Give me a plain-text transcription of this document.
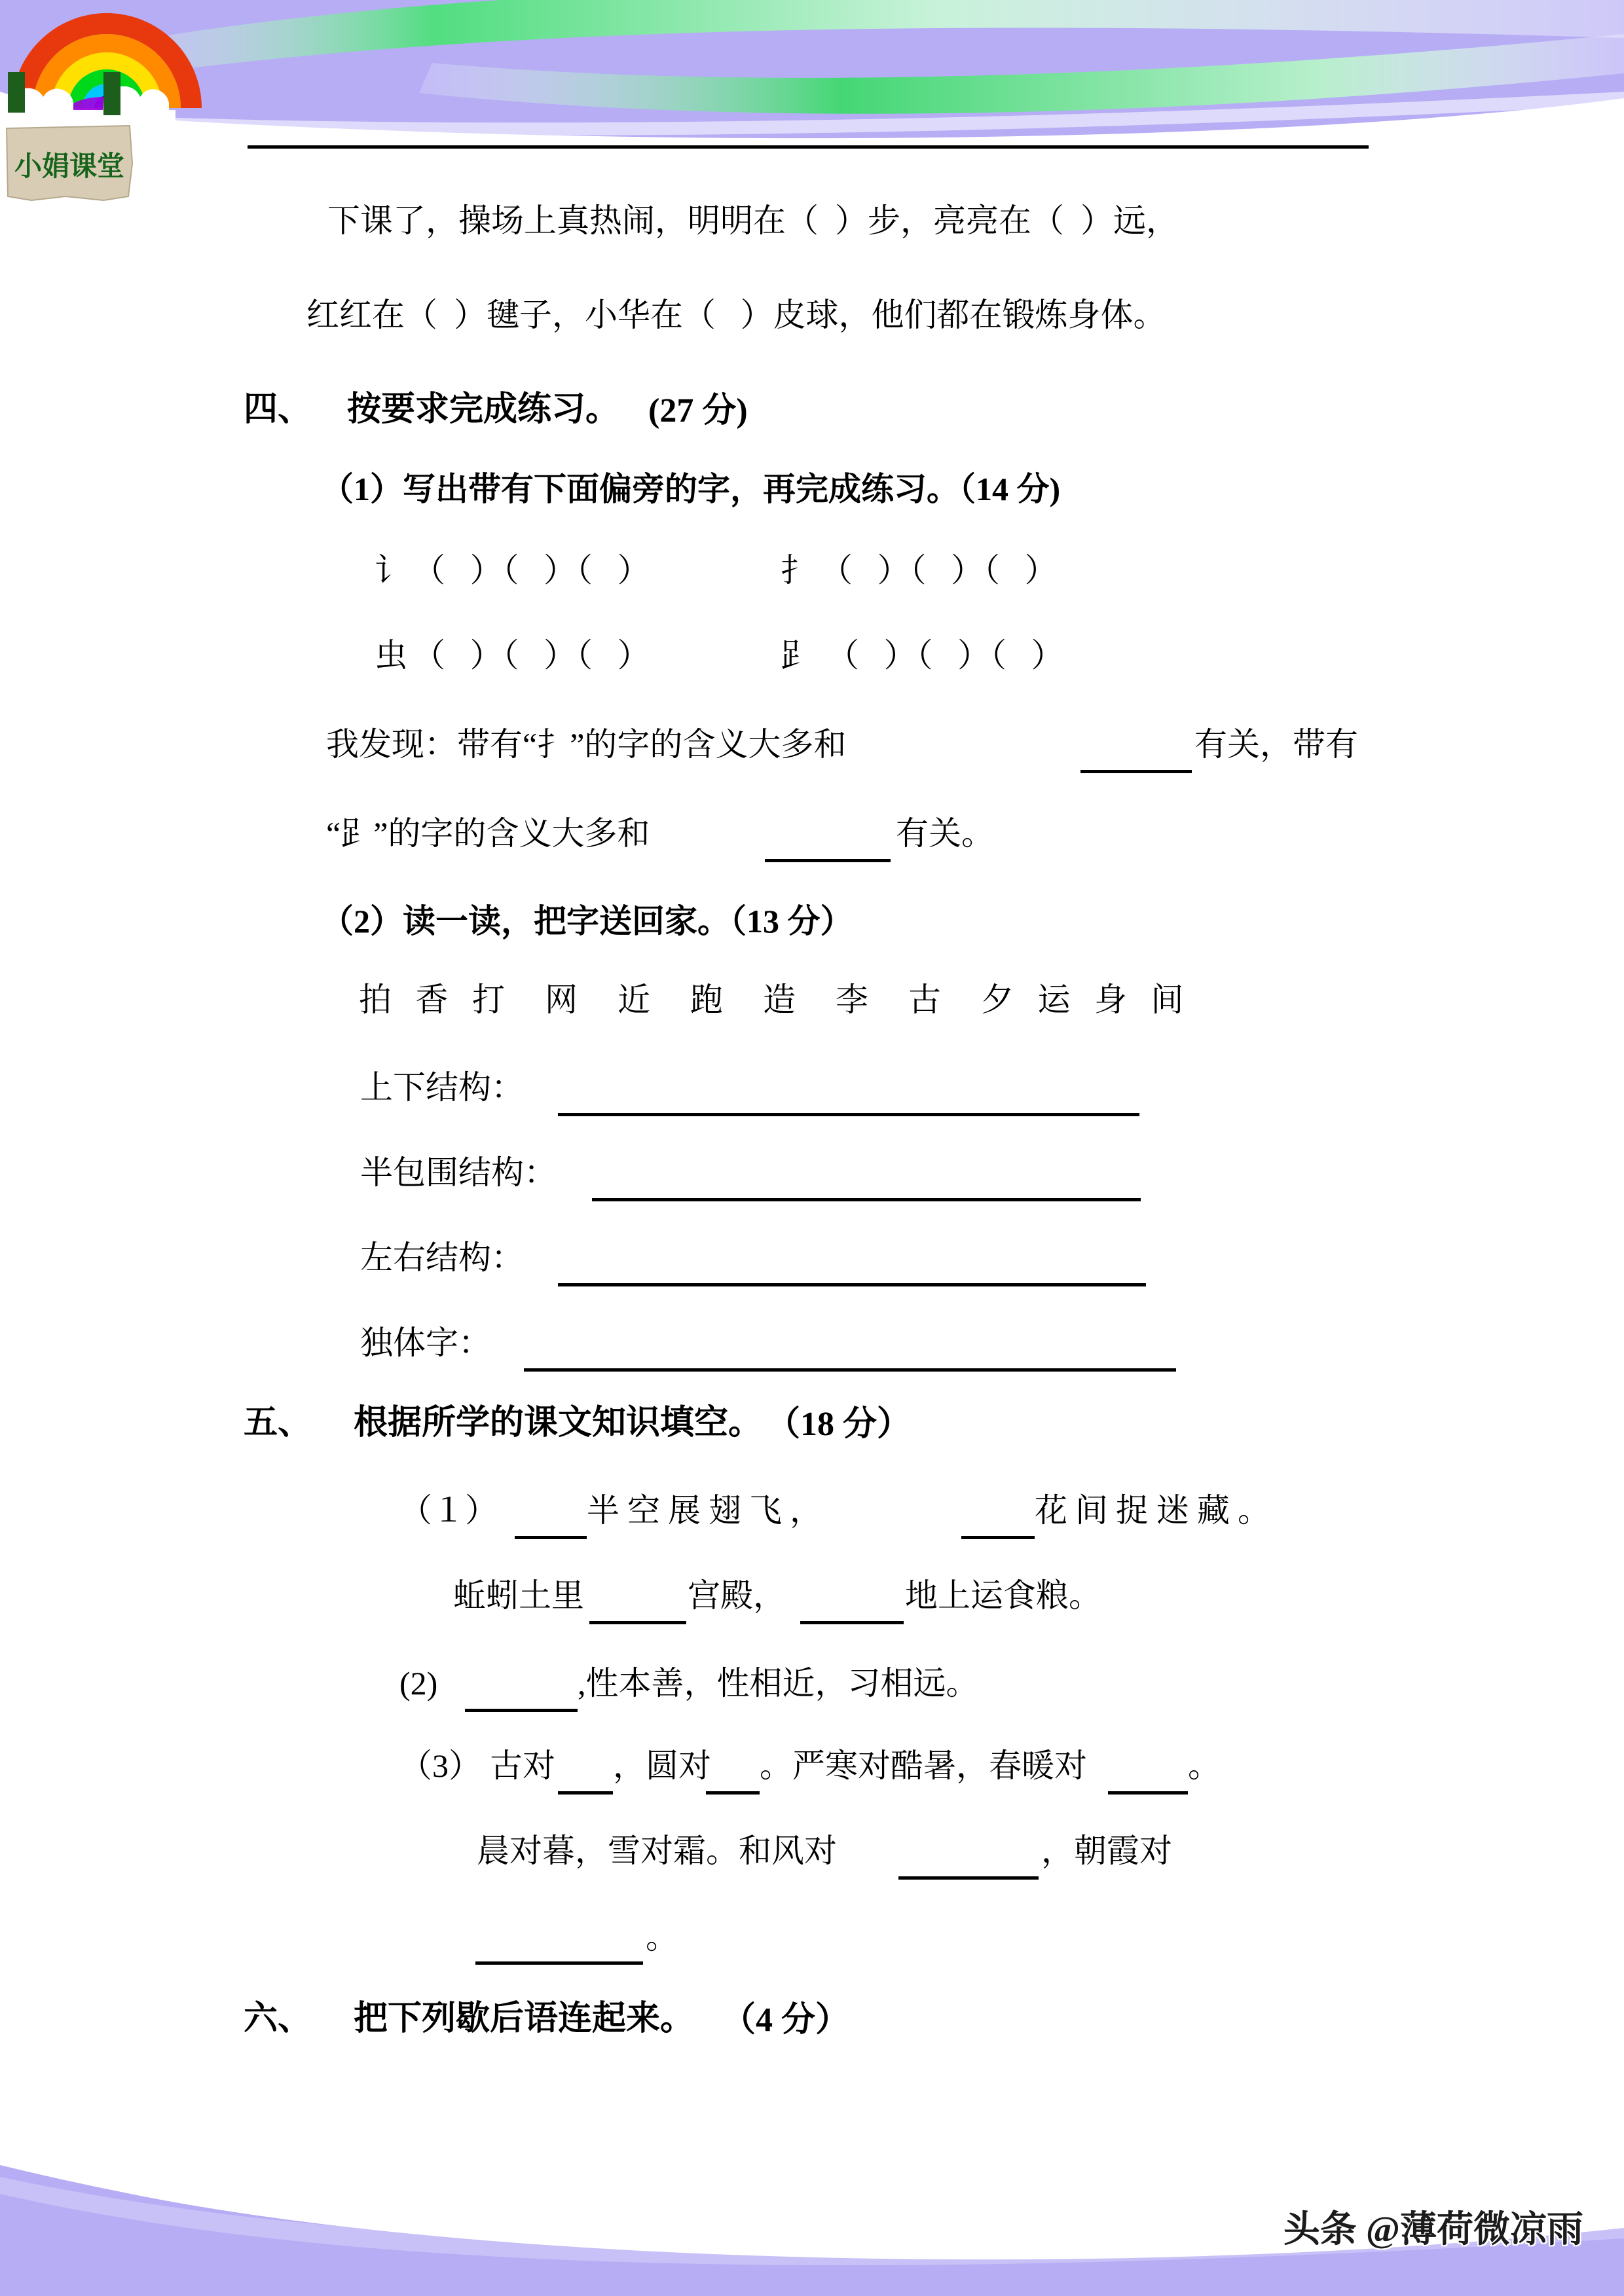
小娟课堂
下课了，操场上真热闹，明明在（  ）步，亮亮在（  ）远，
红红在（  ）毽子，小华在（   ）皮球，他们都在锻炼身体。
四、 按要求完成练习。 (27 分)
（1）写出带有下面偏旁的字，再完成练习。（14 分)
讠 （   ）（   ）（   ）	扌 （   ）（   ）（   ）
虫 （   ）（   ）（   ）	𧾷 （   ）（   ）（   ）
我发现：带有“扌”的字的含义大多和	有关，带有
“𧾷”的字的含义大多和	有关。
（2）读一读，把字送回家。（13 分）
拍 香 打  网  近  跑  造  李  古  夕 运 身 间
上下结构：
半包围结构：
左右结构：
独体字：
五、 根据所学的课文知识填空。 （18 分）
（１）	半空展翅飞，	花间捉迷藏。
蚯蚓土里	宫殿，	地上运食粮。
(2)	,性本善，性相近，习相远。
（3） 古对 ，圆对 。严寒对酷暑，春暖对	。
晨对暮，雪对霜。和风对	，朝霞对
。
六、 把下列歇后语连起来。 （4 分）
头条 @薄荷微凉雨
